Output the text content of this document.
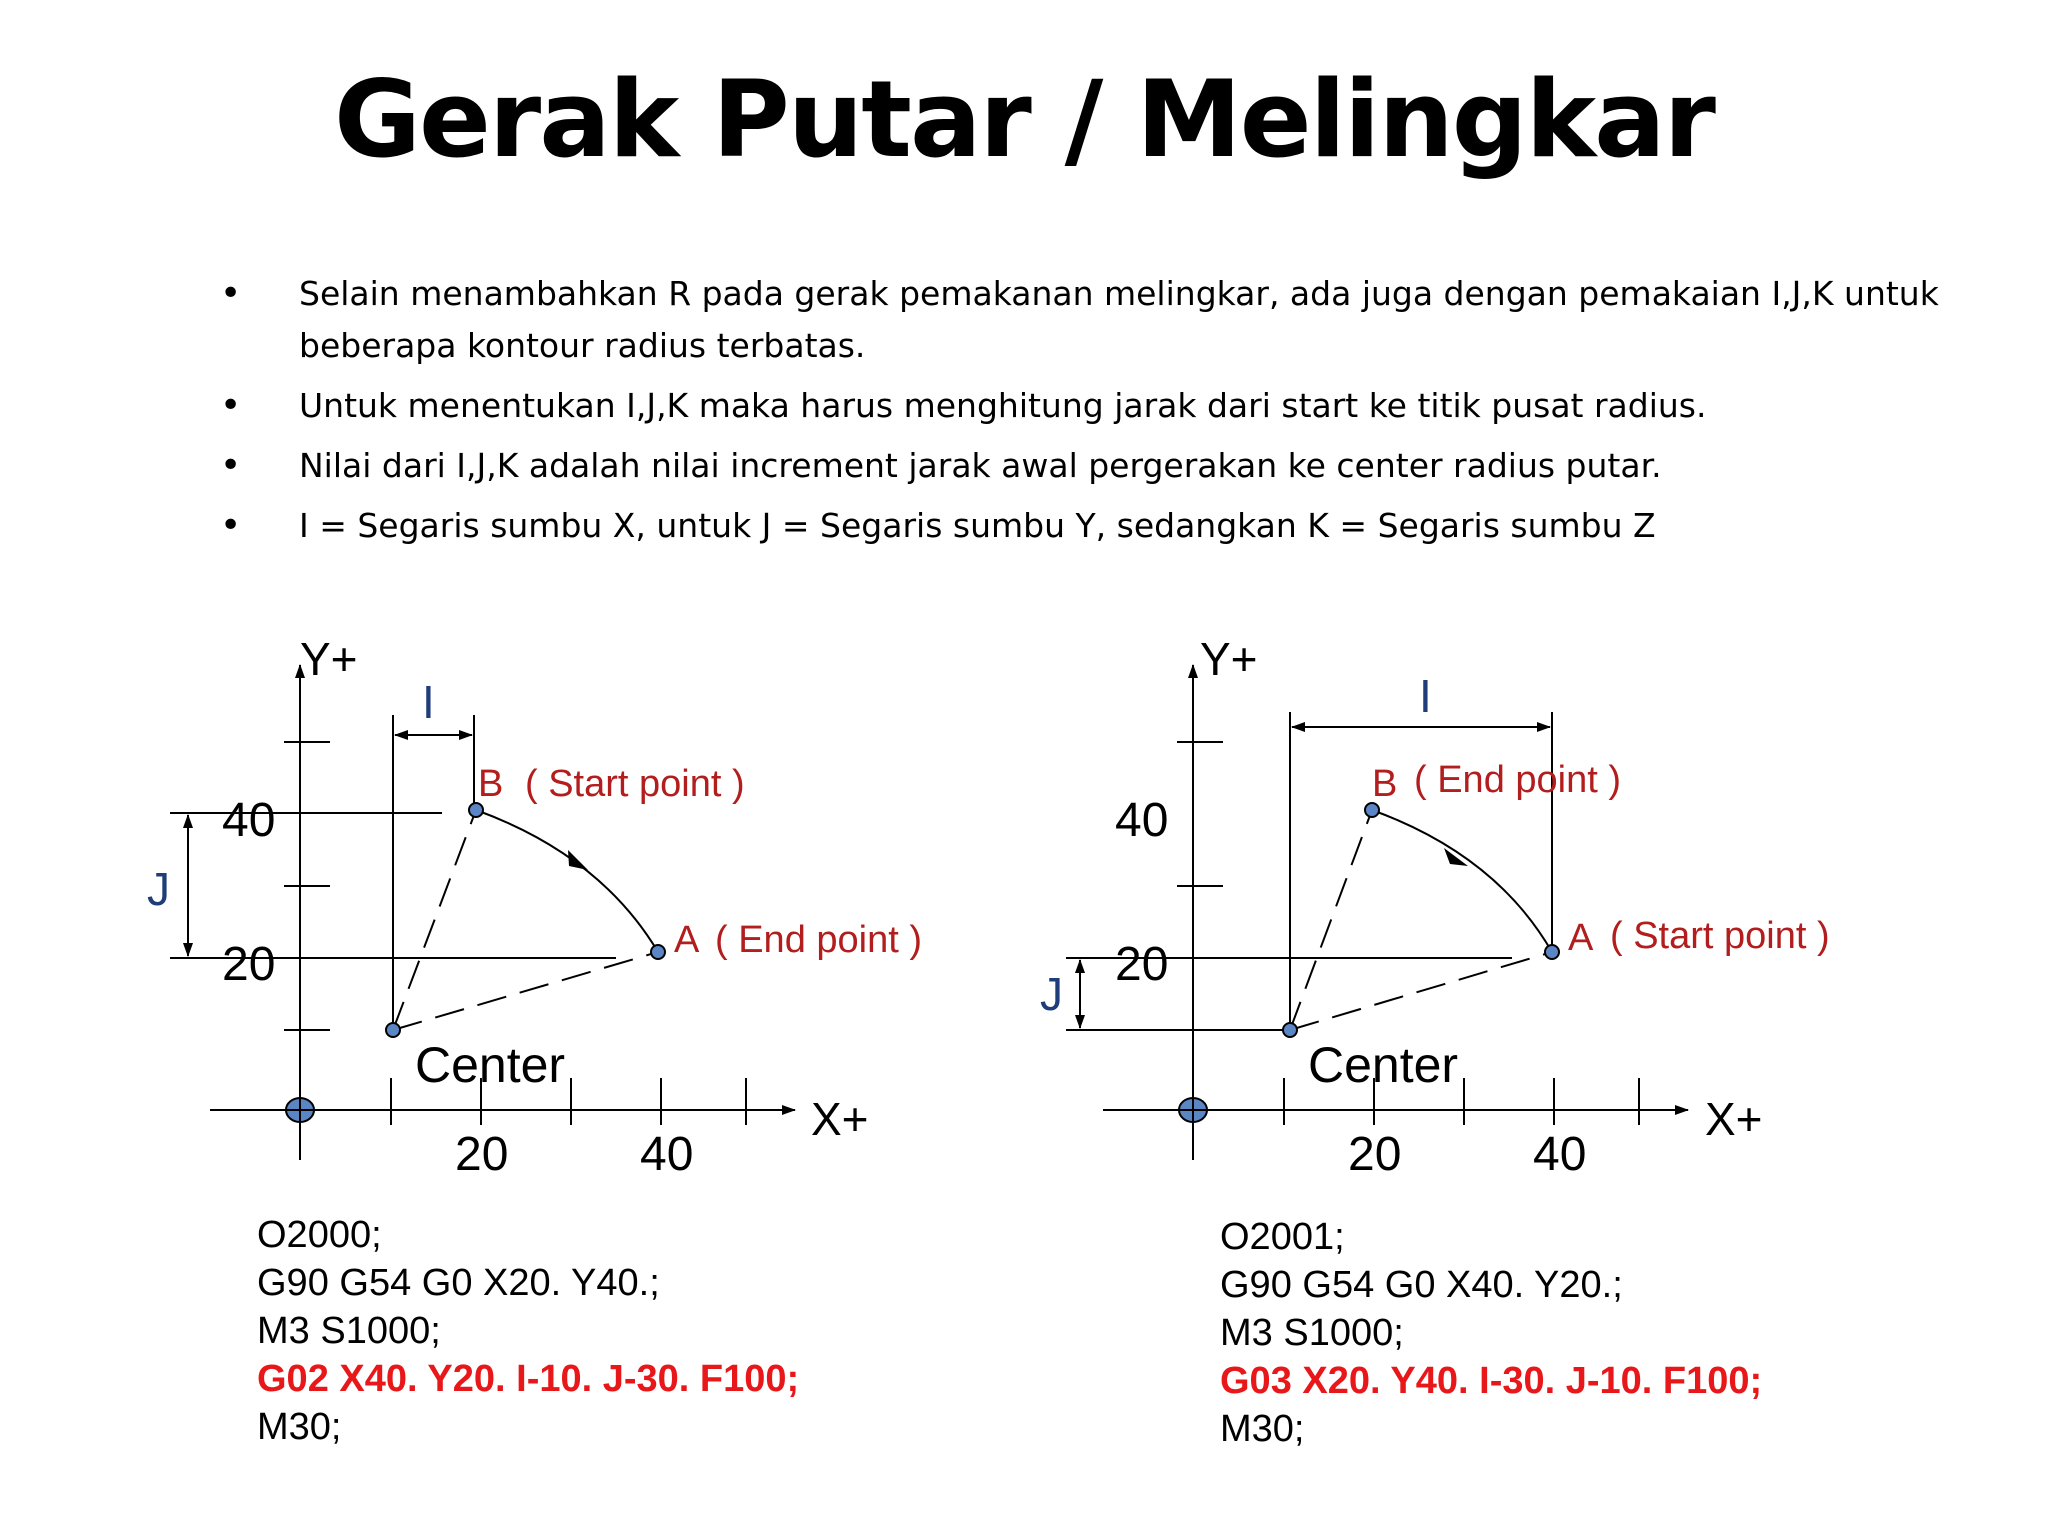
Gerak Putar / Melingkar
• Selain menambahkan R pada gerak pemakanan melingkar, ada juga dengan pemakaian I,J,K untuk beberapa kontour radius terbatas.
• Untuk menentukan I,J,K maka harus menghitung jarak dari start ke titik pusat radius.
• Nilai dari I,J,K adalah nilai increment jarak awal pergerakan ke center radius putar.
• I = Segaris sumbu X, untuk J = Segaris sumbu Y, sedangkan K = Segaris sumbu Z
Y+
X+
40
20
20	40
I
J
B ( Start point )
A ( End point )
Center
Y+
X+
40
20
20	40
I
J
B ( End point )
A ( Start point )
Center
O2000;
G90 G54 G0 X20. Y40.;
M3 S1000;
G02 X40. Y20. I-10. J-30. F100;
M30;
O2001;
G90 G54 G0 X40. Y20.;
M3 S1000;
G03 X20. Y40. I-30. J-10. F100;
M30;
